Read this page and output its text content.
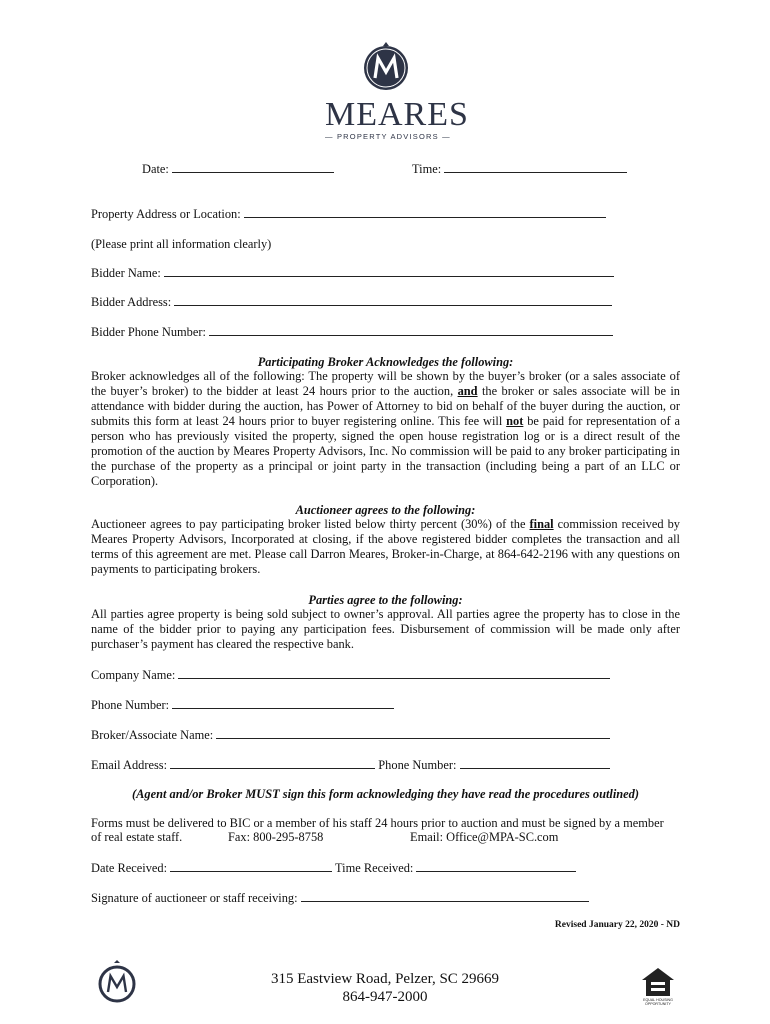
MEARES
— PROPERTY ADVISORS —
Date:	Time:
Property Address or Location:
(Please print all information clearly)
Bidder Name:
Bidder Address:
Bidder Phone Number:
Participating Broker Acknowledges the following:
Broker acknowledges all of the following: The property will be shown by the buyer’s broker (or a sales associate of the buyer’s broker) to the bidder at least 24 hours prior to the auction, and the broker or sales associate will be in attendance with bidder during the auction, has Power of Attorney to bid on behalf of the buyer during the auction, or submits this form at least 24 hours prior to buyer registering online. This fee will not be paid for representation of a person who has previously visited the property, signed the open house registration log or is a direct result of the promotion of the auction by Meares Property Advisors, Inc. No commission will be paid to any broker participating in the purchase of the property as a principal or joint party in the transaction (including being a part of an LLC or Corporation).
Auctioneer agrees to the following:
Auctioneer agrees to pay participating broker listed below thirty percent (30%) of the final commission received by Meares Property Advisors, Incorporated at closing, if the above registered bidder completes the transaction and all terms of this agreement are met. Please call Darron Meares, Broker-in-Charge, at 864-642-2196 with any questions on payments to participating brokers.
Parties agree to the following:
All parties agree property is being sold subject to owner’s approval. All parties agree the property has to close in the name of the bidder prior to paying any participation fees. Disbursement of commission will be made only after purchaser’s payment has cleared the respective bank.
Company Name:
Phone Number:
Broker/Associate Name:
Email Address:	Phone Number:
(Agent and/or Broker MUST sign this form acknowledging they have read the procedures outlined)
Forms must be delivered to BIC or a member of his staff 24 hours prior to auction and must be signed by a member
of real estate staff.	Fax: 800-295-8758	Email: Office@MPA-SC.com
Date Received:	Time Received:
Signature of auctioneer or staff receiving:
Revised January 22, 2020 - ND
315 Eastview Road, Pelzer, SC 29669
864-947-2000	EQUAL HOUSING OPPORTUNITY
